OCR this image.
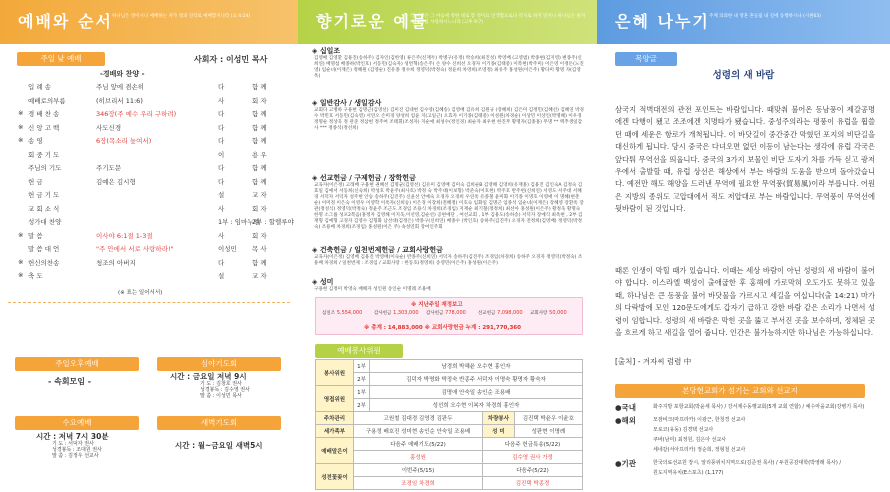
예배와 순서 하나님은 영이시니 예배하는 자가 영과 진리로 예배할지니라 (요 4:24)
주일 낮 예배	사회자 : 이성민 목사
-경배와 찬양 -
입 례 송	주님 앞에 겸손히	다	함 께
예배로의부름	(히브리서 11:6)	사	회 자
※ 경 배 찬 송	346장(주 예수 우리 구하려)	다	함 께
※ 신 앙 고 백	사도신경	다	함 께
※ 송 영	6장(목소리 높여서)	다	함 께
회 중 기 도	이	용 우
주님의 기도	주기도문	다	함 께
헌 금	김예은 김시형	다	함 께
헌 금 기 도	설	교 자
교 회 소 식	사	회 자
성가대 찬양	1부 : 임마누엘
2부 : 할렐루야
※ 말 씀	이사야 6:1절 1-3절	사	회 자
말 씀 대 언	"주 안에서 서로 사랑하라!"	이성민 목 사
※ 헌신의찬송	청조의 아버지	다	함 께
※ 축 도	설	교 자
(※ 표는 일어서서)
주일오후예배
- 속회모임 -
심야기도회
시간 : 금요일 저녁 9시
기 도 : 김창호 권사
성경봉독 : 김수영 권사
말 씀 : 이성민 목사
수요예배
시간 : 저녁 7시 30분
기 도 : 서덕자 권사
성경봉독 : 조대원 권사
말 씀 : 김정우 선교사
새벽기도회
시간 : 월~금요일 새벽5시
향기로운 예물
각 사람은 그 마음에 정한 대로 할 것이요 인색함으로나 억지로 하지 말지니 하나님은 즐겨 내는 자를 사랑하시느니라 (고후 9:7)
◈ 십일조
김영배 김영환 김용진(송하주) 김자인(김한영) 류은주(신재두) 박병구(유정) 박승희(최진성) 박영배 (고영범) 박종현(김지영) 변종주(신희연) 배명섭 배종하(박인호) 서동민(김숙자) 성면혁(송은주) 손 양수 신희선 오경자 이기종(김태중) 이복현(박주미) 이은영 이정돈(노진영) 임순녀(이재은) 정혜원 (김영순) 진유종 정수희 정영덕(박정숙) 정윤희 차영희(조영정) 최유주 홍성원(이은주) 황다미 황명 자(김영옥)
◈ 일반감사 / 생일감사
교회다 고병하 구용현 김명근(김영선) 김미진 김대현 김수영(김혜송) 김영배 김유희 김원규 (장혜희) 김은미 김정민(김혜선) 김혜연 박경수 박민호 서동민(김숙영) 서연오 손미경 양성희 엄윤 지(고일근) 오효자 이기종(김태중) 이성원(차경순) 이상민 이상인(박명혜) 이우경 정명순 정상욱 정 관준 정삼현 정주여 조태휘(조성자) 지순애 최성수(정인경) 최순자 최우현 한진무 황명자(김종홍) 무명 ** 맥추생일감사 *** 정종석(정선희)
◈ 선교헌금 / 구제헌금 / 장학헌금
교육자(이은정) 고래배 구용현 권혜선 김명균(김영선) 김유미 김영배 김미숙 김희순B 김영해 김영희(유재홍) 김용진 김인숙A 김정숙 김효일 김예서 서동희(신숙희) 박성호 박윤주(최사호) 박정 숙 박주대(이보형) 박준숙(이호현) 박주호 반주헌(신희연) 서영도 서주대 서혜경 서덕자 서덕자 성주현 안승 송하주(김진주) 신윤선 안예숙 오경자 오경희 우연옥 유종철 윤미화 이기종 이명호 이영애 이 명혜(현춘순) 이미정 이은숙 이영우 이영학 이옥자(신희승) 이은경 이장희(전혜정) 이호숙 임화일 김명근 임종석 임순녀(이재은) 장혜영 장환옥 장관(정성식) 정영덕(박정숙) 정윤주 조근도 조경임 조용식 차경희(조경임) 지재순 최기철(정정희) 최선아 홍성원(이은주) 황정욱 황명숙 한명 소그룹 성포2복음(홍정자 김영해 이지욱,이선영,김순선) 공현애단 , 여선교회 , 1부 김용도(송하송) 서덕자 장예식 최옥현 , 2부 김재형 김예형 고경자 김영수 김형화 남선대(김정은) 박종구(신희연) 배종수 (박인호) 송하주(김진주) 오경자 전정희(김영배) 정영덕(박정숙) 조용배 차경희(조경임) 홍성원(이은 주) 속성연회 장여인주회
◈ 건축헌금 / 일천번제헌금 / 교회사랑헌금
교육자(이은정) 김영배 김용진 박영배(이숙순) 반종주(신희연) 서덕자 송하주(김진주) 조경임(차경희) 송하주 오경자 정영덕(박정숙) 조용배 차경희 / 일천번제 : 조경임 / 교회사랑 : 한동호(정영희) 송영민(이은주) 홍성원(이은주)
◈ 성미
구용현 김정미 박영숙 배해자 성인원 송인순 이명례 조용배
※ 지난주일 재정보고
십일조 5,554,000	감사헌금 1,303,000 감사헌금 778,000	선교헌금 7,098,000 교회사랑 50,000
※ 총계 : 14,883,000 ※ 교회사랑헌금 누계 : 291,770,360
예배봉사위원
봉사위원	1부	남경희 박혜윤 오수현 홍인자		
	2부	김덕자 박명화 박정숙 반종주 서덕자 이명숙 황명자 황숙자		
영접위원	1부	김명애 안숙일 송인순 조용배		
	2부	성선희 오수현 이복자 차경희 홍인자		
주차관리	고원철 김대경 김영경 김판두		차량봉사	김진택 박윤우 이윤호
세가족부	구용정 배호진 성미현 송인순 안숙일 조용배		성 미	성판현 이명례
예배말은이	다음주 예배기도(5/22)		다음주 헌금특송(5/22)	
	홍성원		김수영 권사 가정	
성전꽃꽂이	이번주(5/15)		다음주(5/22)	
	조경임 차경희		김진택 박종경	
은혜 나누기 주께 의뢰한 내 영혼 흔들림 내 길에 동행하시나 (시편63)
목양글
성령의 새 바람
삼국지 적벽대전의 관전 포인트는 바람입니다. 때맞춰 불어온 동남풍이 제갈공명에겐 다행이 됐고 조조에겐 치명타가 됐습니다. 중성주의라는 평풍이 유럽을 휩쓸던 때에 세운은 항로가 개척됩니다. 이 바닷길이 중간중간 막혔던 포지의 비단길을 대신하게 됩니다. 당시 중국은 다녀오면 없던 이등이 남는다는 생각에 유럽 각국은 앞다퉈 무역선을 띄웁니다. 중국의 3가지 보물인 비단 도자기 차를 가득 싣고 광저우에서 출발할 때, 유럽 상선은 해상에서 부는 바람의 도움을 받으며 돌아갔습니다. 예전만 해도 해양을 드러낸 무역에 필요한 무역풍(貿易風)이라 부릅니다. 어원은 지방의 종위도 고압대에서 적도 저압대로 부는 바람입니다. 무역풍이 무역선에 뒷바람이 된 것입니다.
때론 인생이 막힐 때가 있습니다. 이때는 세상 바람이 아닌 성령의 새 바람이 불어야 합니다. 이스라엘 백성이 출애굽한 후 홍해에 가로막혀 오도가도 못하고 있을 때, 하나님은 큰 동풍을 불어 바닷물을 가르시고 세길을 여십니다(출 14:21) 마가의 다락방에 모인 120문도에게도 갑자기 급하고 강한 바람 같은 소리가 나면서 성령이 임합니다. 성령의 새 바람은 막힌 곳을 뚫고 부서진 곳을 보수하며, 정체된 곳을 흐르게 하고 새길을 열어 줍니다. 인간은 불가능하지만 하나님은 가능하십니다.
[출처] - 겨자씨 럼렴 中
본당현교회가 섬기는 교회와 선교지
●국내	화주지방 포항교회(박윤세 목사) / 강서제수동행교회(5개 교회 연합) / 예수마을교회(강병기 목사)
●해외	모잠비크(마프라카) 이광근, 한청경 선교사
모로코(유동) 김경택 선교사
쿠바(남미) 최정원, 김은아 선교사
세네갈(서아프리카) 정순희, 정형철 선교사
●기관	한국의료선교원 장시, 알리풍위치지역으로(김준권 목사) / 두원공감대학(박영래 목사) /
원도지역유치(E스포츠) (1,177)
